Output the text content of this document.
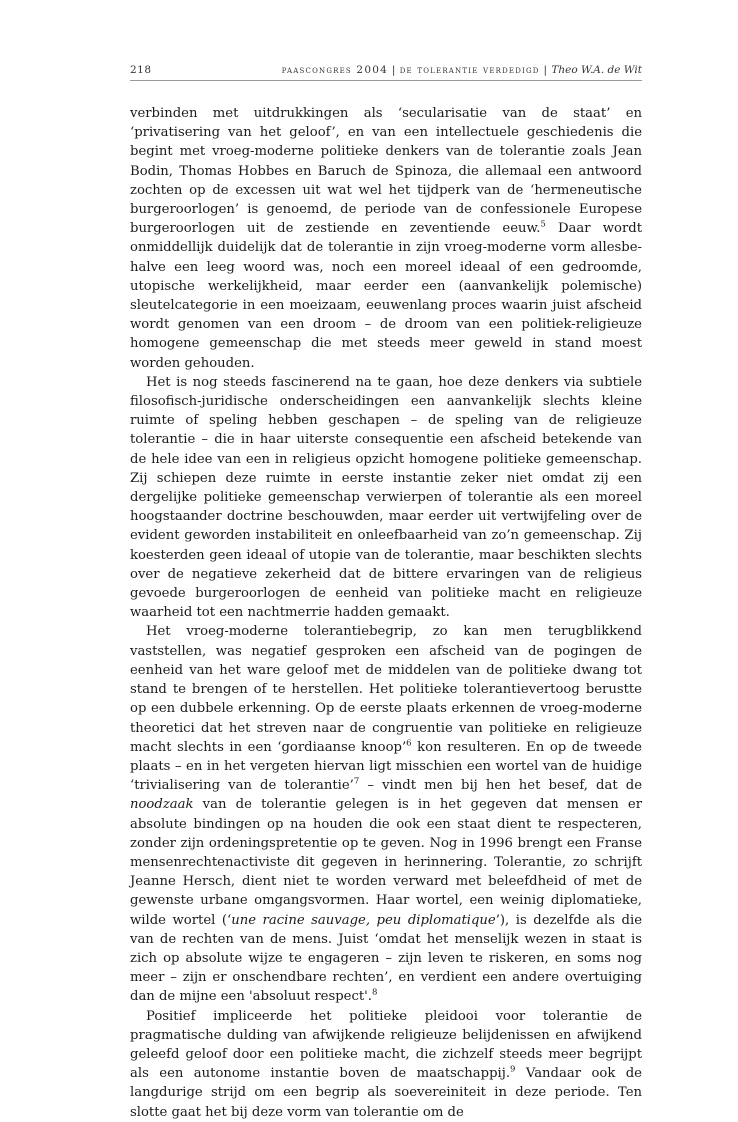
218	paascongres 2004 | de tolerantie verdedigd | Theo W.A. de Wit

verbinden met uitdrukkingen als ‘secularisatie van de staat’ en ‘privatisering van het geloof’, en van een intellectuele geschiedenis die begint met vroeg-moderne politieke denkers van de tolerantie zoals Jean Bodin, Thomas Hobbes en Baruch de Spinoza, die allemaal een antwoord zochten op de excessen uit wat wel het tijdperk van de ‘hermeneutische burgeroorlogen’ is genoemd, de periode van de confessionele Europese burgeroorlogen uit de zestiende en zeventiende eeuw.$^5$ Daar wordt onmiddellijk duidelijk dat de tolerantie in zijn vroeg-moderne vorm allesbehalve een leeg woord was, noch een moreel ideaal of een gedroomde, utopische werkelijkheid, maar eerder een (aanvankelijk polemische) sleutelcategorie in een moeizaam, eeuwenlang proces waarin juist afscheid wordt genomen van een droom – de droom van een politiek-religieuze homogene gemeenschap die met steeds meer geweld in stand moest worden gehouden.

Het is nog steeds fascinerend na te gaan, hoe deze denkers via subtiele filosofisch-juridische onderscheidingen een aanvankelijk slechts kleine ruimte of speling hebben geschapen – de speling van de religieuze tolerantie – die in haar uiterste consequentie een afscheid betekende van de hele idee van een in religieus opzicht homogene politieke gemeenschap. Zij schiepen deze ruimte in eerste instantie zeker niet omdat zij een dergelijke politieke gemeenschap verwierpen of tolerantie als een moreel hoogstaander doctrine beschouwden, maar eerder uit vertwijfeling over de evident geworden instabiliteit en onleefbaarheid van zo’n gemeenschap. Zij koesterden geen ideaal of utopie van de tolerantie, maar beschikten slechts over de negatieve zekerheid dat de bittere ervaringen van de religieus gevoede burgeroorlogen de eenheid van politieke macht en religieuze waarheid tot een nachtmerrie hadden gemaakt.

Het vroeg-moderne tolerantiebegrip, zo kan men terugblikkend vaststellen, was negatief gesproken een afscheid van de pogingen de eenheid van het ware geloof met de middelen van de politieke dwang tot stand te brengen of te herstellen. Het politieke tolerantievertoog berustte op een dubbele erkenning. Op de eerste plaats erkennen de vroeg-moderne theoretici dat het streven naar de congruentie van politieke en religieuze macht slechts in een ‘gordiaanse knoop’$^6$ kon resulteren. En op de tweede plaats – en in het vergeten hiervan ligt misschien een wortel van de huidige ‘trivialisering van de tolerantie’$^7$ – vindt men bij hen het besef, dat de noodzaak van de tolerantie gelegen is in het gegeven dat mensen er absolute bindingen op na houden die ook een staat dient te respecteren, zonder zijn ordeningspretentie op te geven. Nog in 1996 brengt een Franse mensenrechtenactiviste dit gegeven in herinnering. Tolerantie, zo schrijft Jeanne Hersch, dient niet te worden verward met beleefdheid of met de gewenste urbane omgangsvormen. Haar wortel, een weinig diplomatieke, wilde wortel (‘une racine sauvage, peu diplomatique’), is dezelfde als die van de rechten van de mens. Juist ‘omdat het menselijk wezen in staat is zich op absolute wijze te engageren – zijn leven te riskeren, en soms nog meer – zijn er onschendbare rechten’, en verdient een andere overtuiging dan de mijne een 'absoluut respect'.$^8$

Positief impliceerde het politieke pleidooi voor tolerantie de pragmatische dulding van afwijkende religieuze belijdenissen en afwijkend geleefd geloof door een politieke macht, die zichzelf steeds meer begrijpt als een autonome instantie boven de maatschappij.$^9$ Vandaar ook de langdurige strijd om een begrip als soevereiniteit in deze periode. Ten slotte gaat het bij deze vorm van tolerantie om de
